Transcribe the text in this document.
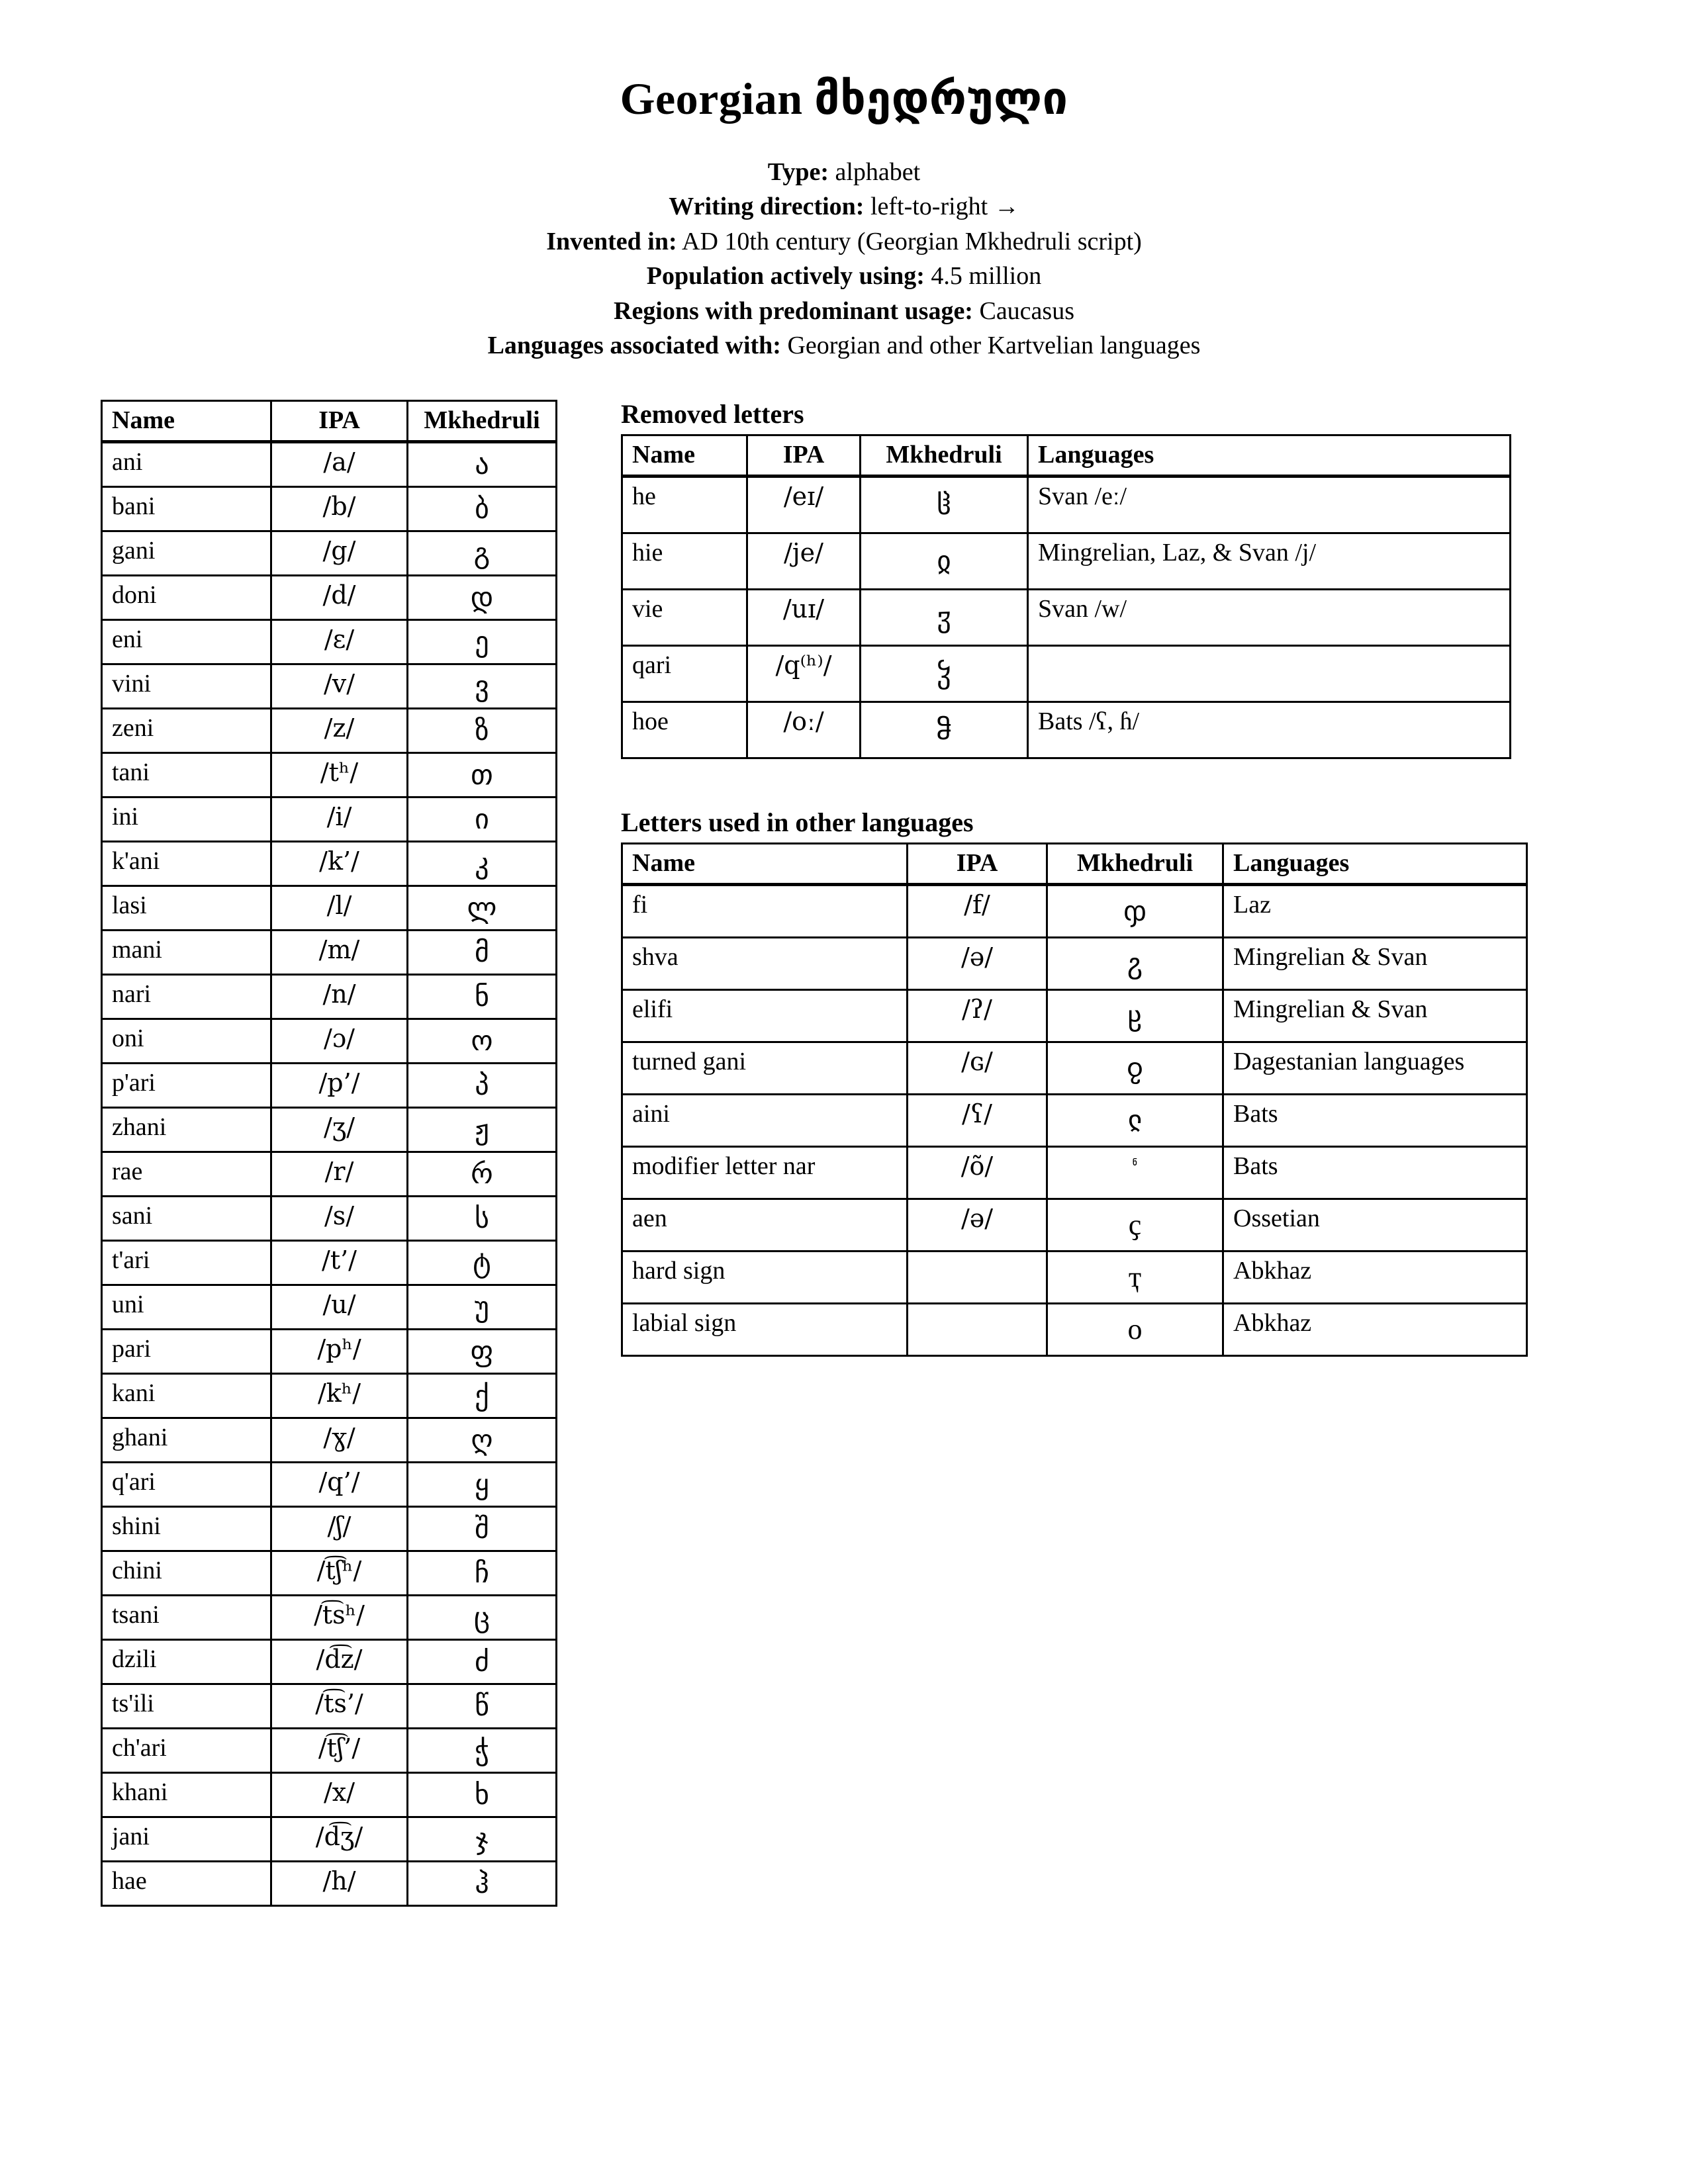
Georgian მხედრული

Type: alphabet

Writing direction: left-to-right →

Invented in: AD 10th century (Georgian Mkhedruli script)

Population actively using: 4.5 million

Regions with predominant usage: Caucasus

Languages associated with: Georgian and other Kartvelian languages

Name	IPA	Mkhedruli
ani	/a/	ა
bani	/b/	ბ
gani	/g/	გ
doni	/d/	დ
eni	/ɛ/	ე
vini	/v/	ვ
zeni	/z/	ზ
tani	/tʰ/	თ
ini	/i/	ი
k'ani	/k’/	კ
lasi	/l/	ლ
mani	/m/	მ
nari	/n/	ნ
oni	/ɔ/	ო
p'ari	/p’/	პ
zhani	/ʒ/	ჟ
rae	/r/	რ
sani	/s/	ს
t'ari	/t’/	ტ
uni	/u/	უ
pari	/pʰ/	ფ
kani	/kʰ/	ქ
ghani	/ɣ/	ღ
q'ari	/q’/	ყ
shini	/ʃ/	შ
chini	/t͡ʃʰ/	ჩ
tsani	/t͡sʰ/	ც
dzili	/d͡z/	ძ
ts'ili	/t͡s’/	წ
ch'ari	/t͡ʃ’/	ჭ
khani	/x/	ხ
jani	/d͡ʒ/	ჯ
hae	/h/	ჰ
Removed letters
Name	IPA	Mkhedruli	Languages
he	/eɪ/	ჱ	Svan /eː/
hie	/je/	ჲ	Mingrelian, Laz, & Svan /j/
vie	/uɪ/	ჳ	Svan /w/
qari	/q⁽ʰ⁾/	ჴ	
hoe	/oː/	ჵ	Bats /ʕ, ɦ/
Letters used in other languages
Name	IPA	Mkhedruli	Languages
fi	/f/	ჶ	Laz
shva	/ə/	ჷ	Mingrelian & Svan
elifi	/ʔ/	ჸ	Mingrelian & Svan
turned gani	/ɢ/	ჹ	Dagestanian languages
aini	/ʕ/	ჺ	Bats
modifier letter nar	/õ/	$^ჼ$	Bats
aen	/ə/	ҫ	Ossetian
hard sign		ҭ	Abkhaz
labial sign		ο	Abkhaz
